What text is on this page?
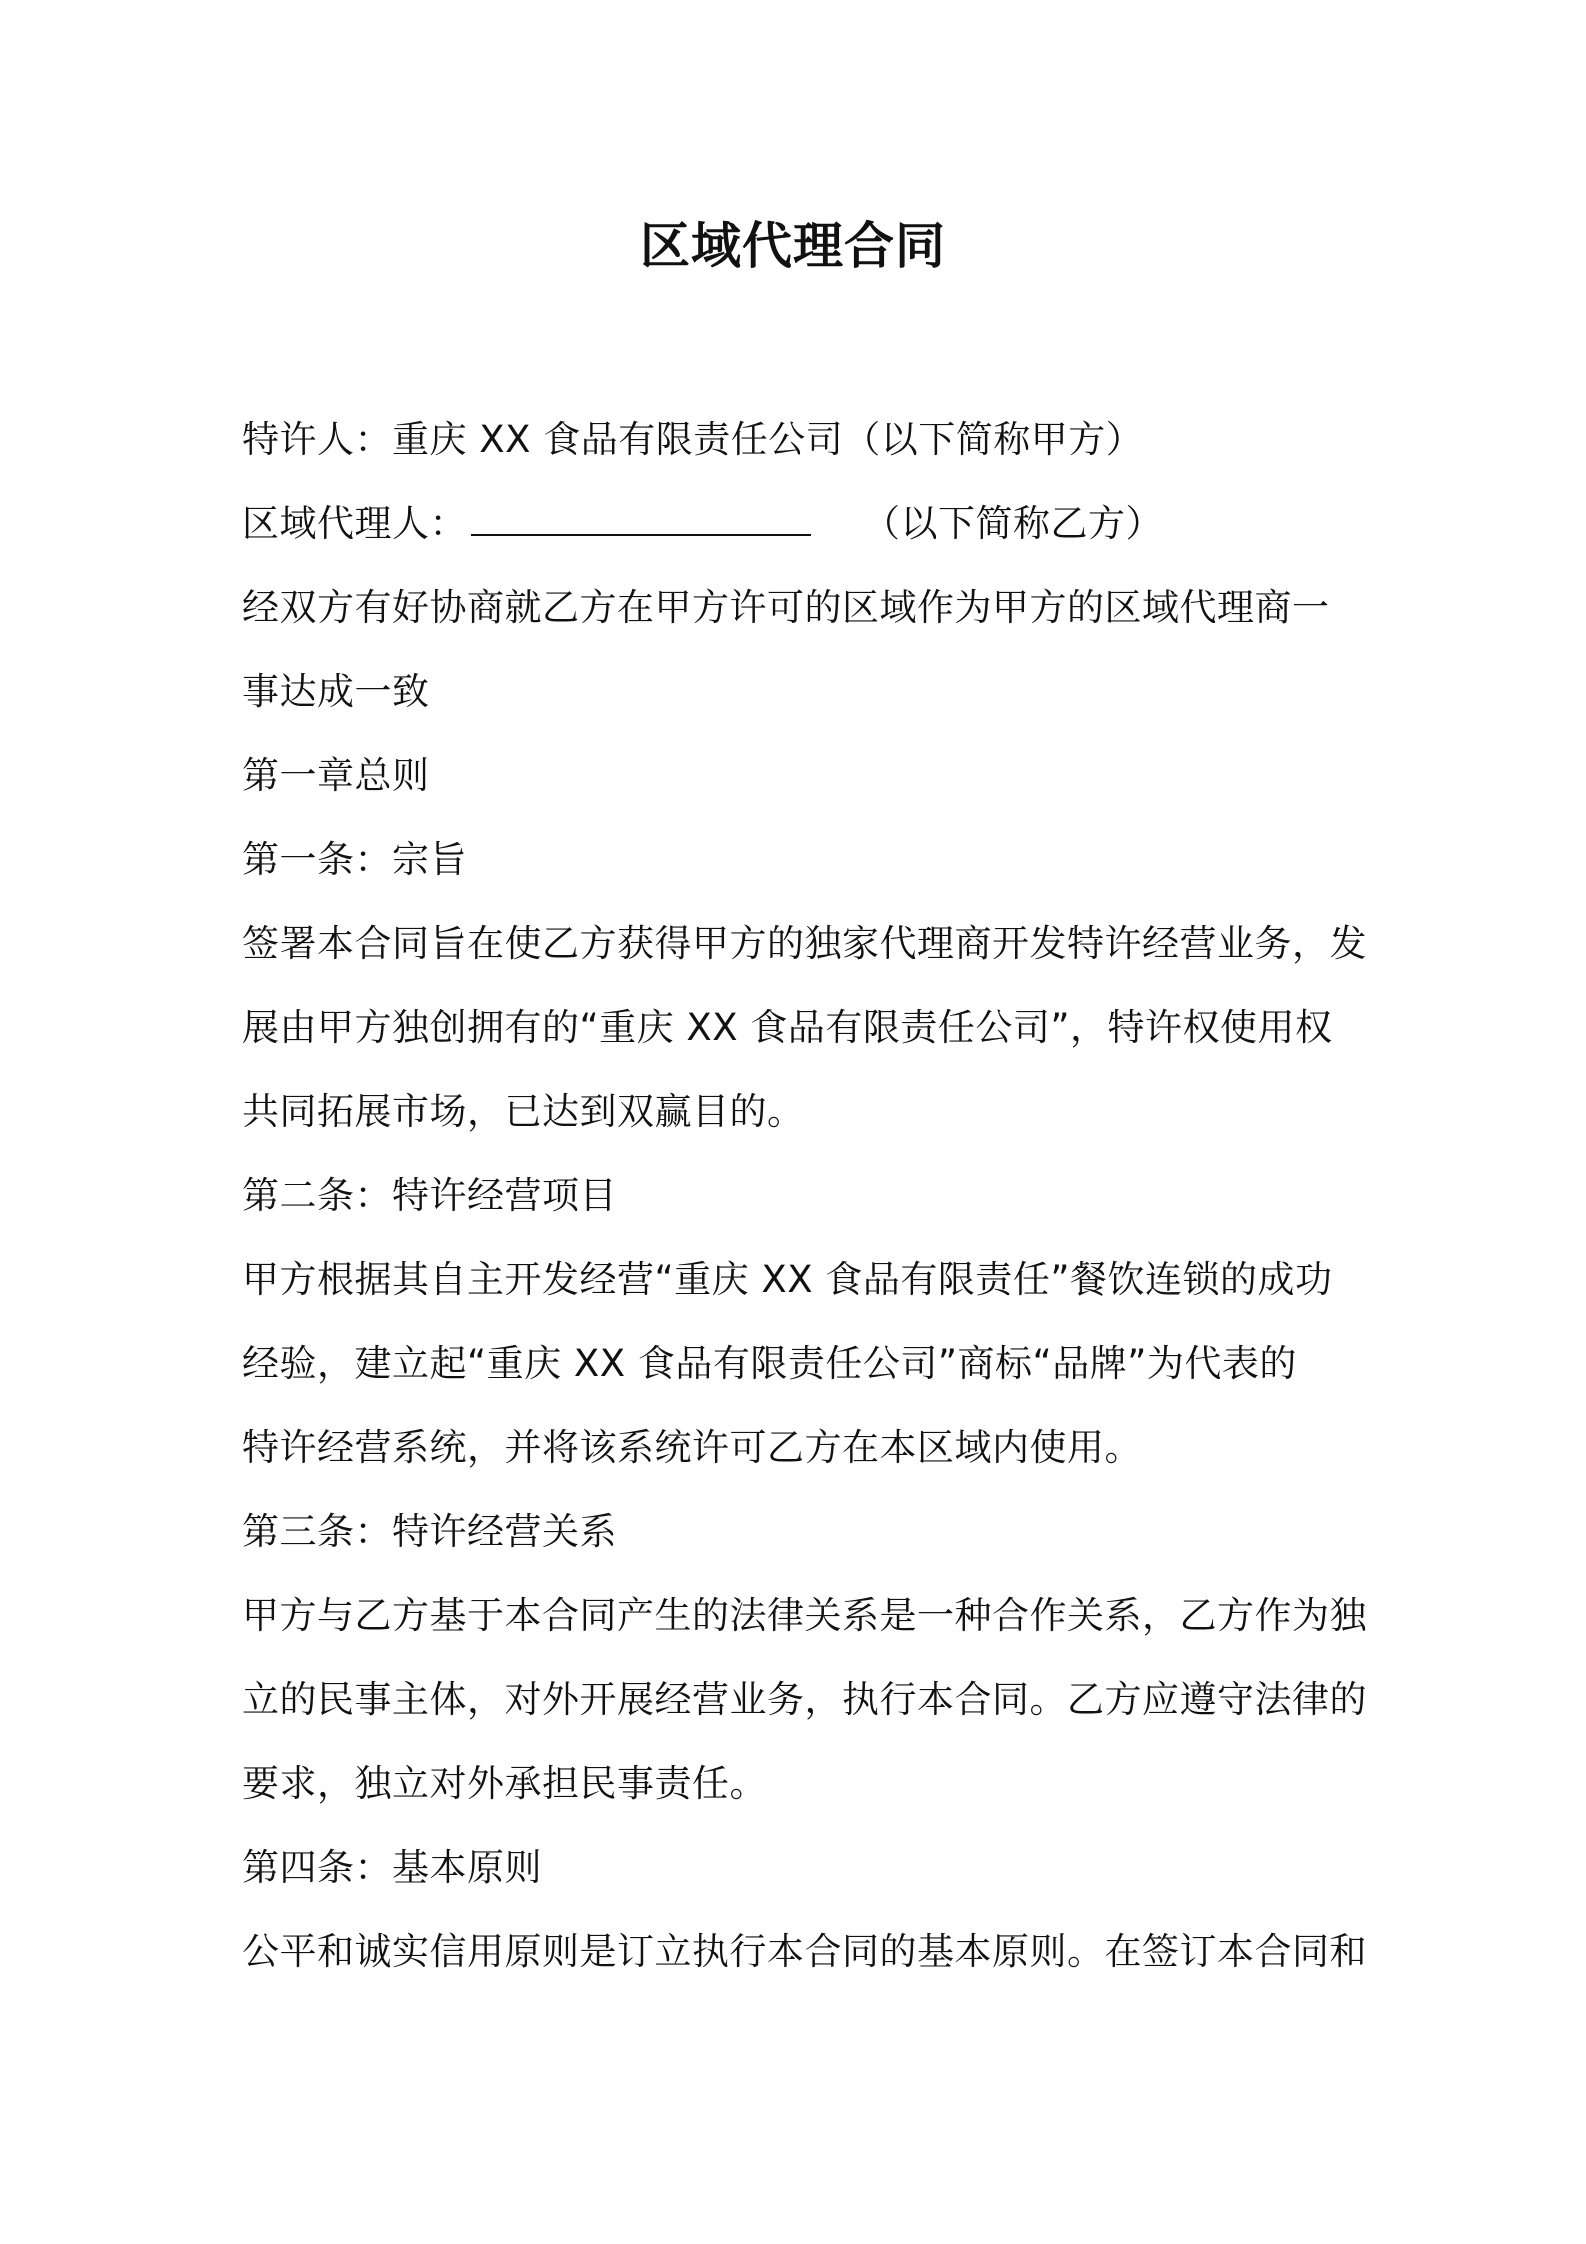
区域代理合同
特许人：重庆 XX 食品有限责任公司（以下简称甲方）
区域代理人：	（以下简称乙方）
经双方有好协商就乙方在甲方许可的区域作为甲方的区域代理商一
事达成一致
第一章总则
第一条：宗旨
签署本合同旨在使乙方获得甲方的独家代理商开发特许经营业务，发
展由甲方独创拥有的“重庆 XX 食品有限责任公司”，特许权使用权
共同拓展市场，已达到双赢目的。
第二条：特许经营项目
甲方根据其自主开发经营“重庆 XX 食品有限责任”餐饮连锁的成功
经验，建立起“重庆 XX 食品有限责任公司”商标“品牌”为代表的
特许经营系统，并将该系统许可乙方在本区域内使用。
第三条：特许经营关系
甲方与乙方基于本合同产生的法律关系是一种合作关系，乙方作为独
立的民事主体，对外开展经营业务，执行本合同。乙方应遵守法律的
要求，独立对外承担民事责任。
第四条：基本原则
公平和诚实信用原则是订立执行本合同的基本原则。在签订本合同和
